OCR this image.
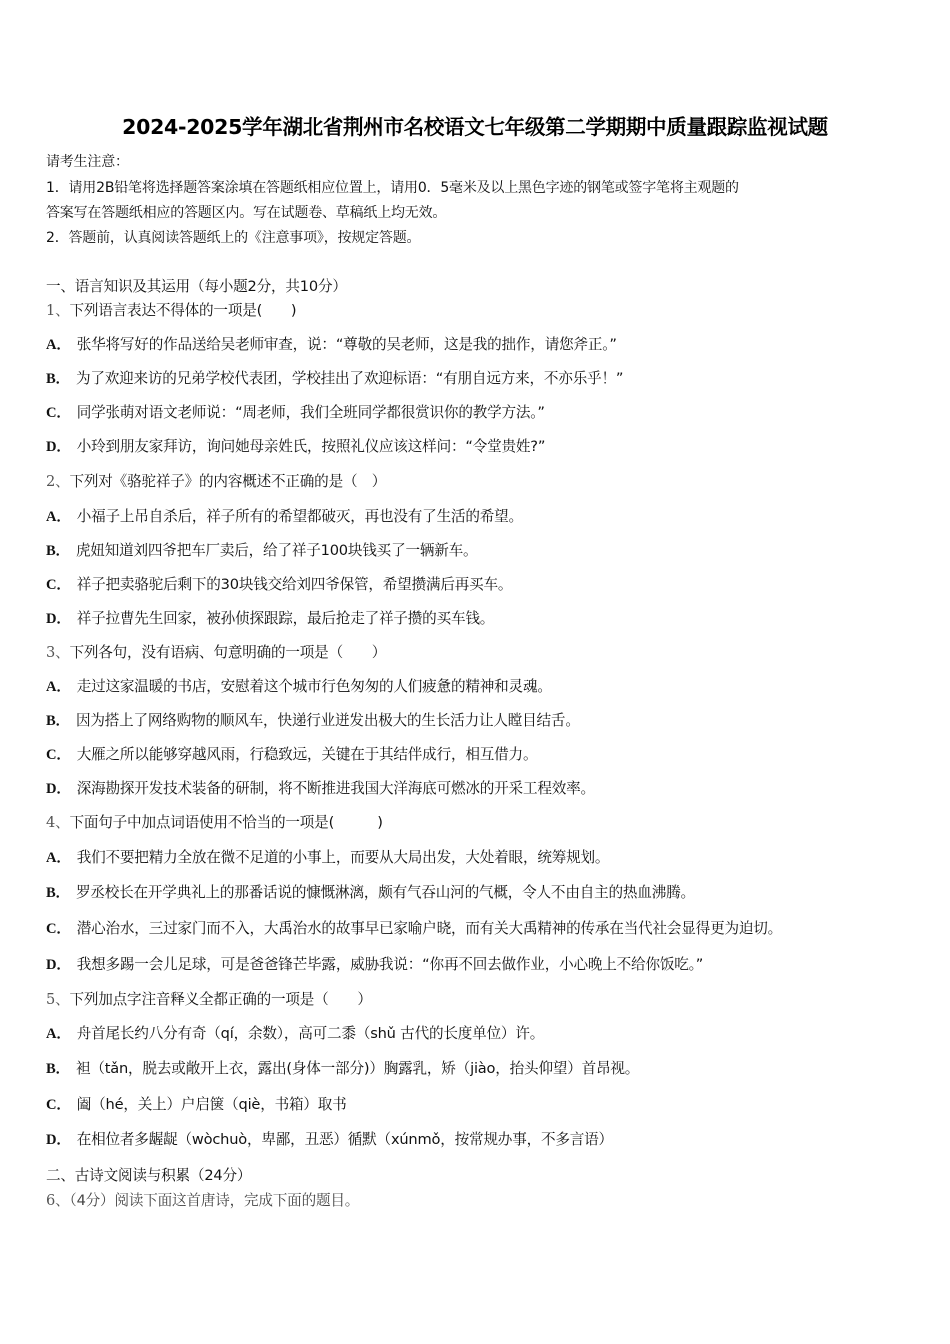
2024-2025学年湖北省荆州市名校语文七年级第二学期期中质量跟踪监视试题
请考生注意：
1．请用2B铅笔将选择题答案涂填在答题纸相应位置上，请用0．5毫米及以上黑色字迹的钢笔或签字笔将主观题的
答案写在答题纸相应的答题区内。写在试题卷、草稿纸上均无效。
2．答题前，认真阅读答题纸上的《注意事项》，按规定答题。
一、语言知识及其运用（每小题2分，共10分）
1、下列语言表达不得体的一项是(　　)
A． 张华将写好的作品送给吴老师审查，说：“尊敬的吴老师，这是我的拙作，请您斧正。”
B． 为了欢迎来访的兄弟学校代表团，学校挂出了欢迎标语：“有朋自远方来，不亦乐乎！”
C． 同学张萌对语文老师说：“周老师，我们全班同学都很赏识你的教学方法。”
D． 小玲到朋友家拜访，询问她母亲姓氏，按照礼仪应该这样问：“令堂贵姓?”
2、下列对《骆驼祥子》的内容概述不正确的是（　）
A． 小福子上吊自杀后，祥子所有的希望都破灭，再也没有了生活的希望。
B． 虎妞知道刘四爷把车厂卖后，给了祥子100块钱买了一辆新车。
C． 祥子把卖骆驼后剩下的30块钱交给刘四爷保管，希望攒满后再买车。
D． 祥子拉曹先生回家，被孙侦探跟踪，最后抢走了祥子攒的买车钱。
3、下列各句，没有语病、句意明确的一项是（　　）
A． 走过这家温暖的书店，安慰着这个城市行色匆匆的人们疲惫的精神和灵魂。
B． 因为搭上了网络购物的顺风车，快递行业迸发出极大的生长活力让人瞠目结舌。
C． 大雁之所以能够穿越风雨，行稳致远，关键在于其结伴成行，相互借力。
D． 深海勘探开发技术装备的研制，将不断推进我国大洋海底可燃冰的开采工程效率。
4、下面句子中加点词语使用不恰当的一项是(　　　)
A． 我们不要把精力全放在微不足道的小事上，而要从大局出发，大处着眼，统筹规划。
B． 罗丞校长在开学典礼上的那番话说的慷慨淋漓，颇有气吞山河的气概，令人不由自主的热血沸腾。
C． 潜心治水，三过家门而不入，大禹治水的故事早已家喻户晓，而有关大禹精神的传承在当代社会显得更为迫切。
D． 我想多踢一会儿足球，可是爸爸锋芒毕露，威胁我说：“你再不回去做作业，小心晚上不给你饭吃。”
5、下列加点字注音释义全都正确的一项是（　　）
A． 舟首尾长约八分有奇（qí，余数），高可二黍（shǔ 古代的长度单位）许。
B． 袒（tǎn，脱去或敞开上衣，露出(身体一部分)）胸露乳，矫（jiào，抬头仰望）首昂视。
C． 阖（hé，关上）户启箧（qiè，书箱）取书
D． 在相位者多龌龊（wòchuò，卑鄙，丑恶）循默（xúnmǒ，按常规办事，不多言语）
二、古诗文阅读与积累（24分）
6、（4分）阅读下面这首唐诗，完成下面的题目。
